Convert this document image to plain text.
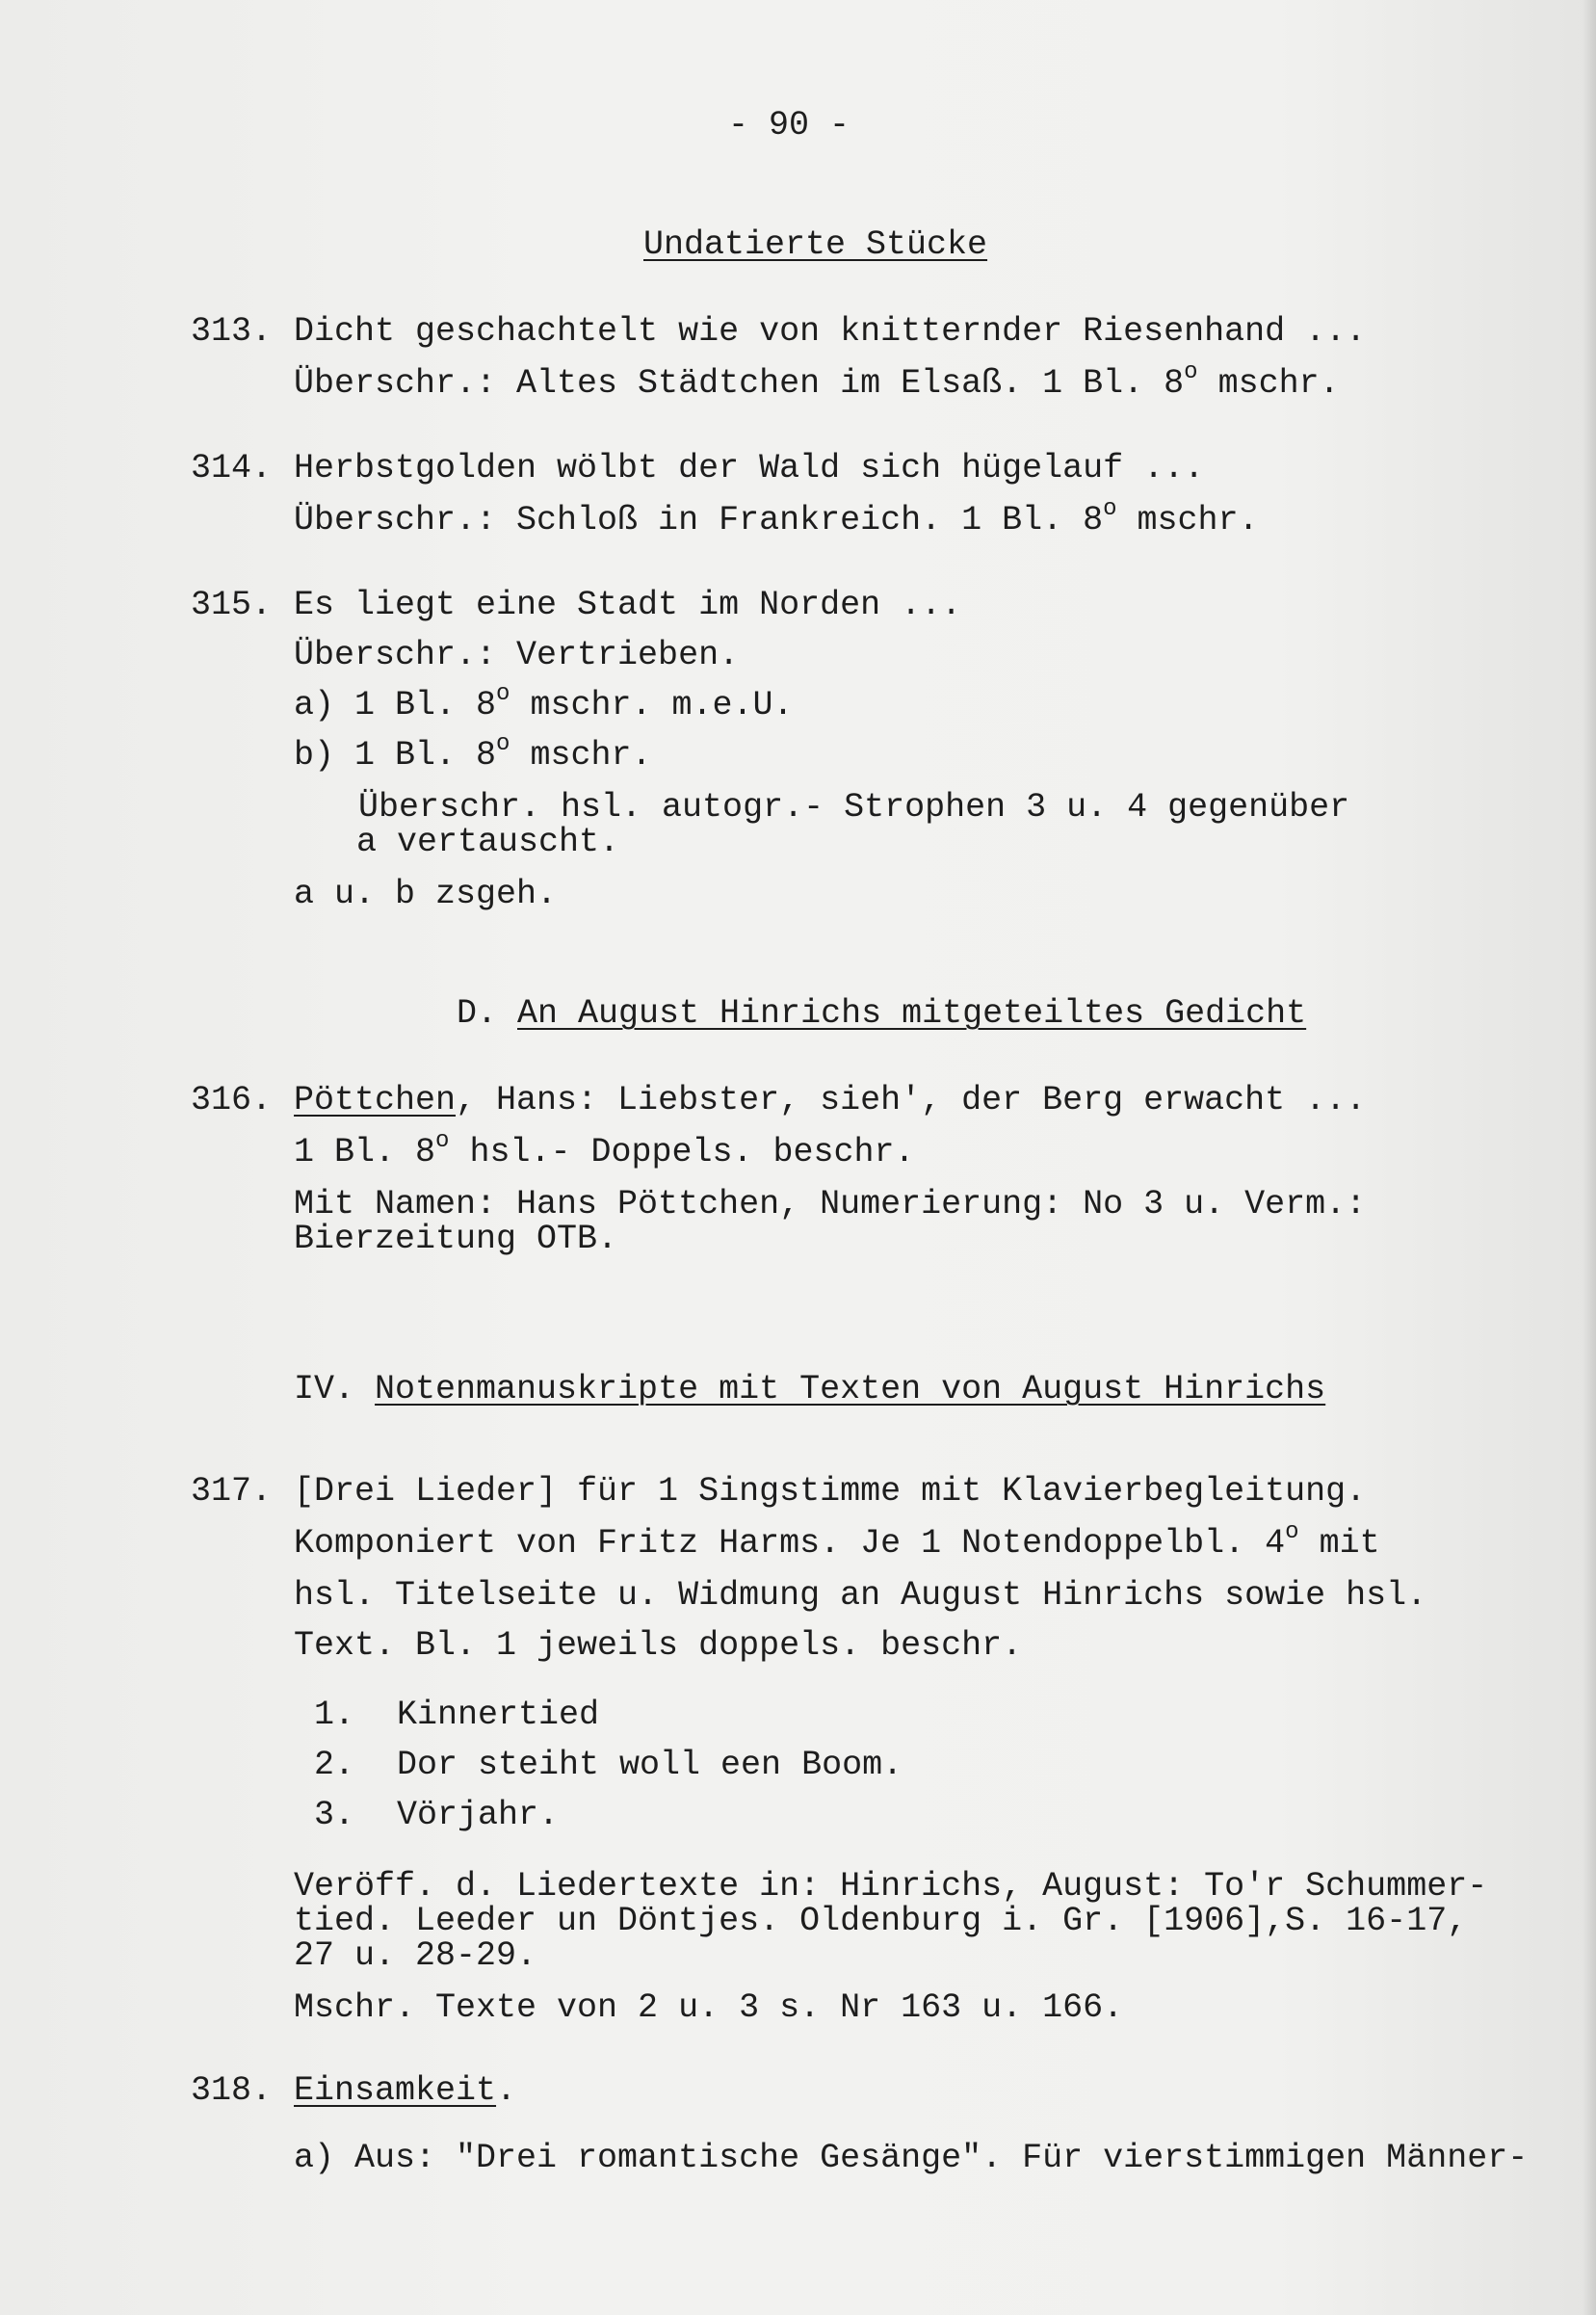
- 90 -
Undatierte Stücke
313. Dicht geschachtelt wie von knitternder Riesenhand ...
Überschr.: Altes Städtchen im Elsaß. 1 Bl. 8$^o$ mschr.
314. Herbstgolden wölbt der Wald sich hügelauf ...
Überschr.: Schloß in Frankreich. 1 Bl. 8$^o$ mschr.
315. Es liegt eine Stadt im Norden ...
Überschr.: Vertrieben.
a) 1 Bl. 8$^o$ mschr. m.e.U.
b) 1 Bl. 8$^o$ mschr.
Überschr. hsl. autogr.- Strophen 3 u. 4 gegenüber
a vertauscht.
a u. b zsgeh.
D. An August Hinrichs mitgeteiltes Gedicht
316. Pöttchen, Hans: Liebster, sieh', der Berg erwacht ...
1 Bl. 8$^o$ hsl.- Doppels. beschr.
Mit Namen: Hans Pöttchen, Numerierung: No 3 u. Verm.:
Bierzeitung OTB.
IV. Notenmanuskripte mit Texten von August Hinrichs
317. [Drei Lieder] für 1 Singstimme mit Klavierbegleitung.
Komponiert von Fritz Harms. Je 1 Notendoppelbl. 4$^o$ mit
hsl. Titelseite u. Widmung an August Hinrichs sowie hsl.
Text. Bl. 1 jeweils doppels. beschr.
1. Kinnertied
2. Dor steiht woll een Boom.
3. Vörjahr.
Veröff. d. Liedertexte in: Hinrichs, August: To'r Schummer-
tied. Leeder un Döntjes. Oldenburg i. Gr. [1906],S. 16-17,
27 u. 28-29.
Mschr. Texte von 2 u. 3 s. Nr 163 u. 166.
318. Einsamkeit.
a) Aus: "Drei romantische Gesänge". Für vierstimmigen Männer-
